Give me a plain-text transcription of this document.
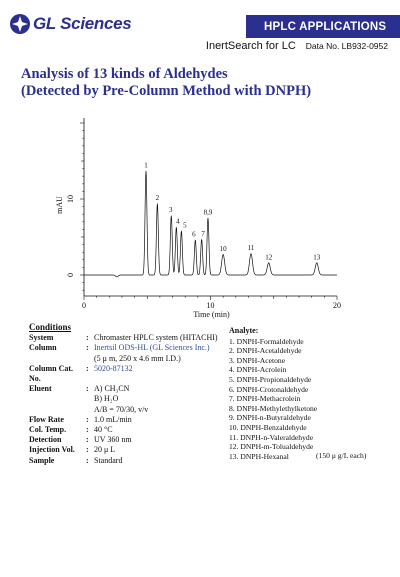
GL Sciences	HPLC APPLICATIONS
InertSearch for LC Data No. LB932-0952
Analysis of 13 kinds of Aldehydes
(Detected by Pre-Column Method with DNPH)
0	10	20
Time (min)
0
10
mAU
1
2
3
4 5
6 7
8,9
10	11
12	13
Conditions
System	: Chromaster HPLC system (HITACHI)
Column	: Inertsil ODS-HL (GL Sciences Inc.)
(5 μ m, 250 x 4.6 mm I.D.)
Column Cat. No.
: 5020-87132
Eluent	: A) CH₃CN
B) H₂O
A/B = 70/30, v/v
Flow Rate	: 1.0 mL/min
Col. Temp.	: 40 °C
Detection	: UV 360 nm
Injection Vol.	: 20 μ L
Sample	: Standard
Analyte:
1. DNPH-Formaldehyde
2. DNPH-Acetaldehyde
3. DNPH-Acetone
4. DNPH-Acrolein
5. DNPH-Propionaldehyde
6. DNPH-Crotonaldehyde
7. DNPH-Methacrolein
8. DNPH-Methylethylketone
9. DNPH-n-Butyraldehyde
10. DNPH-Benzaldehyde
11. DNPH-n-Valeraldehyde
12. DNPH-m-Tolualdehyde
13. DNPH-Hexanal	(150 μ g/L each)
